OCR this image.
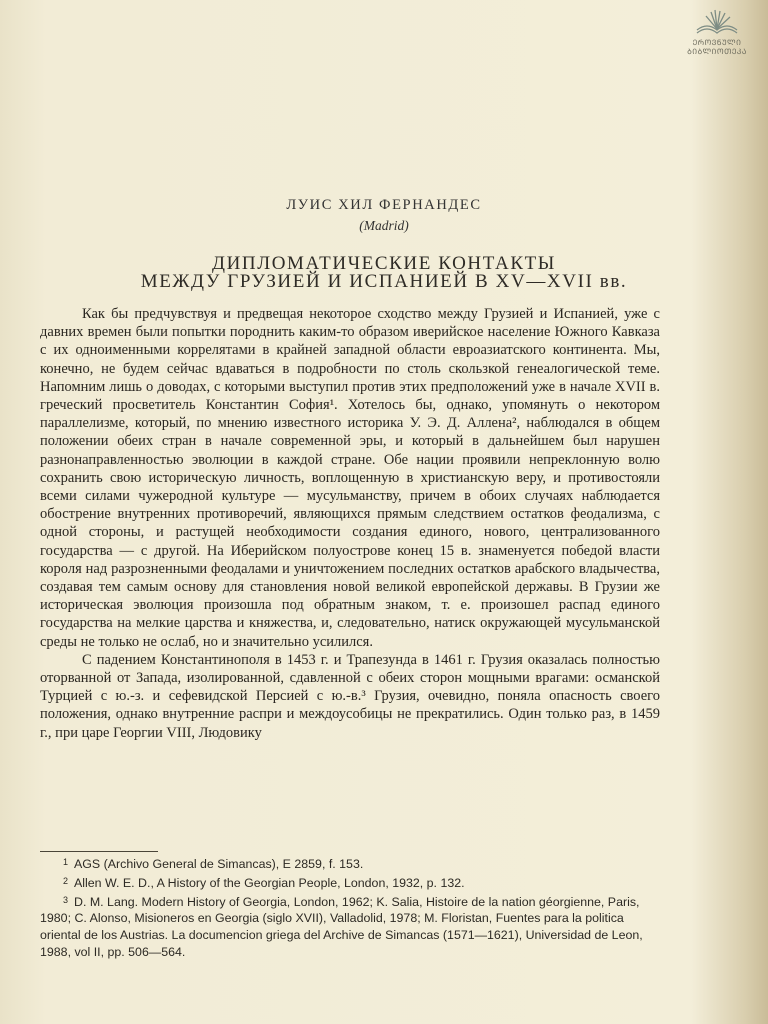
ᲔᲠᲝᲕᲜᲣᲚᲘ
ᲑᲘᲑᲚᲘᲝᲗᲔᲙᲐ
ЛУИС ХИЛ ФЕРНАНДЕС
(Madrid)
ДИПЛОМАТИЧЕСКИЕ КОНТАКТЫ
МЕЖДУ ГРУЗИЕЙ И ИСПАНИЕЙ В XV—XVII вв.

Как бы предчувствуя и предвещая некоторое сходство между Грузией и Испанией, уже с давних времен были попытки породнить каким-то образом иверийское население Южного Кавказа с их одноименными коррелятами в крайней западной области евроазиатского континента. Мы, конечно, не будем сейчас вдаваться в подробности по столь скользкой генеалогической теме. Напомним лишь о доводах, с которыми выступил против этих предположений уже в начале XVII в. греческий просветитель Константин София¹. Хотелось бы, однако, упомянуть о некотором параллелизме, который, по мнению известного историка У. Э. Д. Аллена², наблюдался в общем положении обеих стран в начале современной эры, и который в дальнейшем был нарушен разнонаправленностью эволюции в каждой стране. Обе нации проявили непреклонную волю сохранить свою историческую личность, воплощенную в христианскую веру, и противостояли всеми силами чужеродной культуре — мусульманству, причем в обоих случаях наблюдается обострение внутренних противоречий, являющихся прямым следствием остатков феодализма, с одной стороны, и растущей необходимости создания единого, нового, централизованного государства — с другой. На Иберийском полуострове конец 15 в. знаменуется победой власти короля над разрозненными феодалами и уничтожением последних остатков арабского владычества, создавая тем самым основу для становления новой великой европейской державы. В Грузии же историческая эволюция произошла под обратным знаком, т. е. произошел распад единого государства на мелкие царства и княжества, и, следовательно, натиск окружающей мусульманской среды не только не ослаб, но и значительно усилился.

С падением Константинополя в 1453 г. и Трапезунда в 1461 г. Грузия оказалась полностью оторванной от Запада, изолированной, сдавленной с обеих сторон мощными врагами: османской Турцией с ю.-з. и сефевидской Персией с ю.-в.³ Грузия, очевидно, поняла опасность своего положения, однако внутренние распри и междоусобицы не прекратились. Один только раз, в 1459 г., при царе Георгии VIII, Людовику

$^1$ AGS (Archivo General de Simancas), E 2859, f. 153.

$^2$ Allen W. E. D., A History of the Georgian People, London, 1932, p. 132.

$^3$ D. M. Lang. Modern History of Georgia, London, 1962; K. Salia, Histoire de la nation géorgienne, Paris, 1980; C. Alonso, Misioneros en Georgia (siglo XVII), Valladolid, 1978; M. Floristan, Fuentes para la politica oriental de los Austrias. La documencion griega del Archive de Simancas (1571—1621), Universidad de Leon, 1988, vol II, pp. 506—564.
